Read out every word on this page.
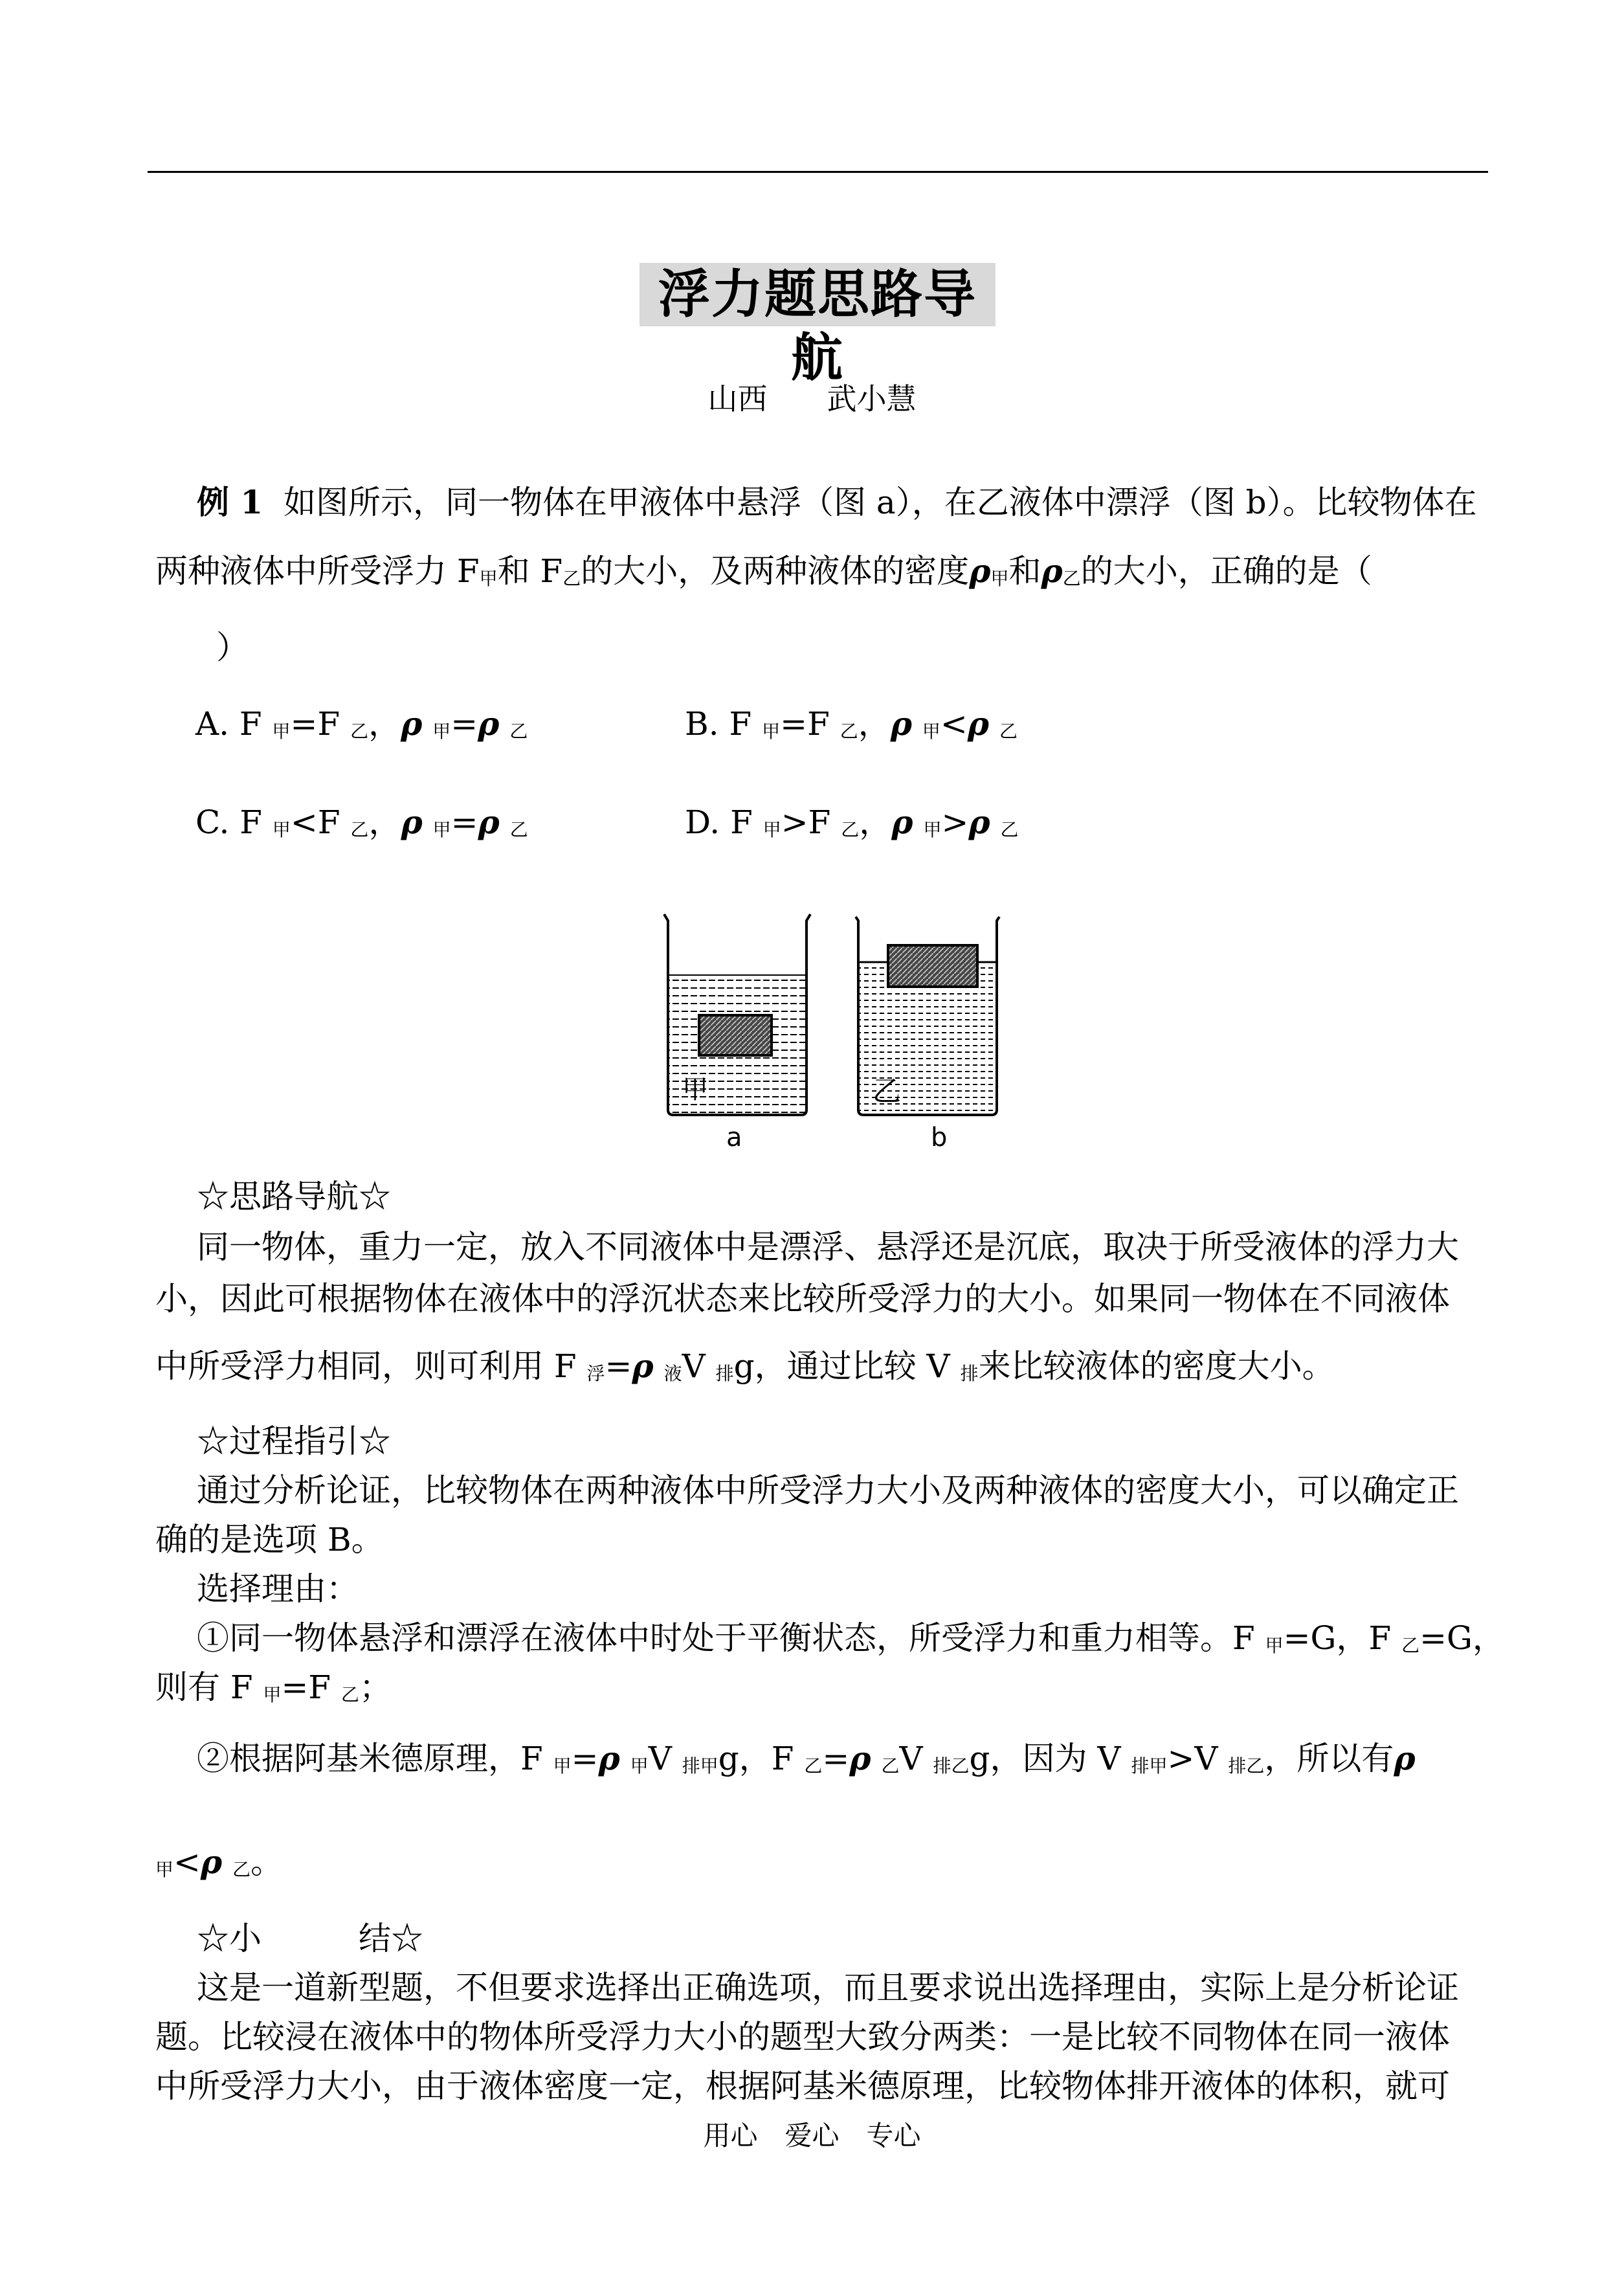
浮力题思路导航
山西　　武小慧
例 1 如图所示，同一物体在甲液体中悬浮（图 a），在乙液体中漂浮（图 b）。比较物体在
两种液体中所受浮力 F甲和 F乙的大小，及两种液体的密度ρ甲和ρ乙的大小，正确的是（
）
A. F 甲=F 乙，ρ 甲=ρ 乙	B. F 甲=F 乙，ρ 甲<ρ 乙
C. F 甲<F 乙，ρ 甲=ρ 乙	D. F 甲>F 乙，ρ 甲>ρ 乙
甲
a
乙
b
☆思路导航☆
同一物体，重力一定，放入不同液体中是漂浮、悬浮还是沉底，取决于所受液体的浮力大
小，因此可根据物体在液体中的浮沉状态来比较所受浮力的大小。如果同一物体在不同液体
中所受浮力相同，则可利用 F 浮=ρ 液V 排g，通过比较 V 排来比较液体的密度大小。
☆过程指引☆
通过分析论证，比较物体在两种液体中所受浮力大小及两种液体的密度大小，可以确定正
确的是选项 B。
选择理由：
①同一物体悬浮和漂浮在液体中时处于平衡状态，所受浮力和重力相等。F 甲=G，F 乙=G，
则有 F 甲=F 乙；
②根据阿基米德原理，F 甲=ρ 甲V 排甲g，F 乙=ρ 乙V 排乙g，因为 V 排甲>V 排乙，所以有ρ
甲<ρ 乙。
☆小　　　结☆
这是一道新型题，不但要求选择出正确选项，而且要求说出选择理由，实际上是分析论证
题。比较浸在液体中的物体所受浮力大小的题型大致分两类：一是比较不同物体在同一液体
中所受浮力大小，由于液体密度一定，根据阿基米德原理，比较物体排开液体的体积，就可
用心　爱心　专心
